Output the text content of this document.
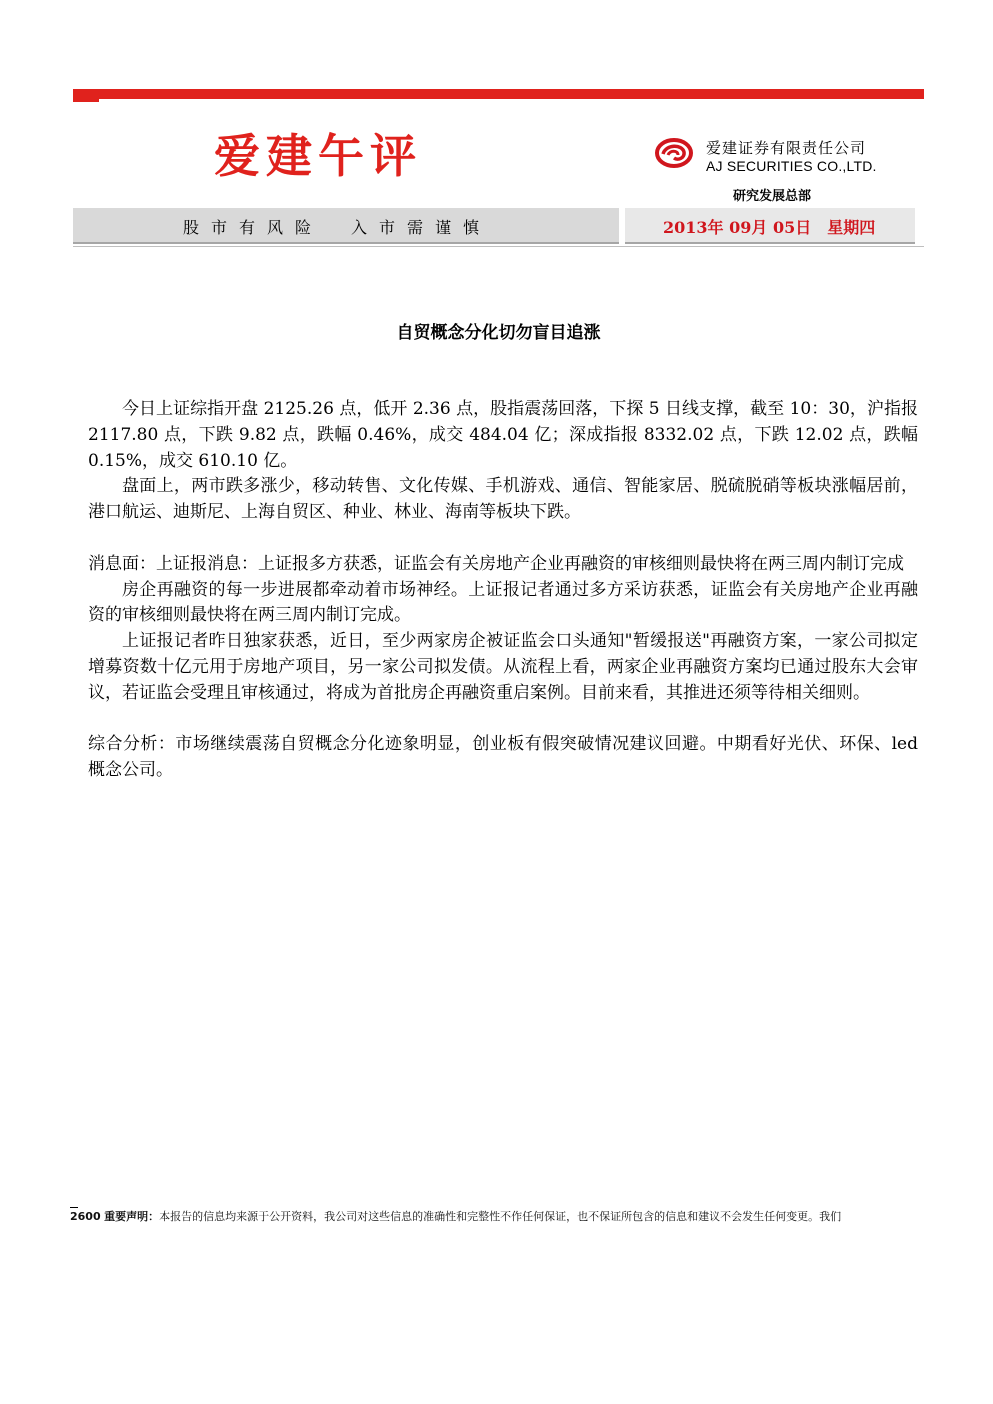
爱建午评	爱建证券有限责任公司
AJ SECURITIES CO.,LTD.
研究发展总部
股市有风险　入市需谨慎	2013年 09月 05日　星期四
自贸概念分化切勿盲目追涨

今日上证综指开盘 2125.26 点，低开 2.36 点，股指震荡回落，下探 5 日线支撑，截至 10：30，沪指报 2117.80 点，下跌 9.82 点，跌幅 0.46%，成交 484.04 亿；深成指报 8332.02 点，下跌 12.02 点，跌幅 0.15%，成交 610.10 亿。

盘面上，两市跌多涨少，移动转售、文化传媒、手机游戏、通信、智能家居、脱硫脱硝等板块涨幅居前，港口航运、迪斯尼、上海自贸区、种业、林业、海南等板块下跌。

消息面：上证报消息：上证报多方获悉，证监会有关房地产企业再融资的审核细则最快将在两三周内制订完成

房企再融资的每一步进展都牵动着市场神经。上证报记者通过多方采访获悉，证监会有关房地产企业再融资的审核细则最快将在两三周内制订完成。

上证报记者昨日独家获悉，近日，至少两家房企被证监会口头通知"暂缓报送"再融资方案，一家公司拟定增募资数十亿元用于房地产项目，另一家公司拟发债。从流程上看，两家企业再融资方案均已通过股东大会审议，若证监会受理且审核通过，将成为首批房企再融资重启案例。目前来看，其推进还须等待相关细则。

综合分析：市场继续震荡自贸概念分化迹象明显，创业板有假突破情况建议回避。中期看好光伏、环保、led 概念公司。

2600 重要声明：本报告的信息均来源于公开资料，我公司对这些信息的准确性和完整性不作任何保证，也不保证所包含的信息和建议不会发生任何变更。我们
